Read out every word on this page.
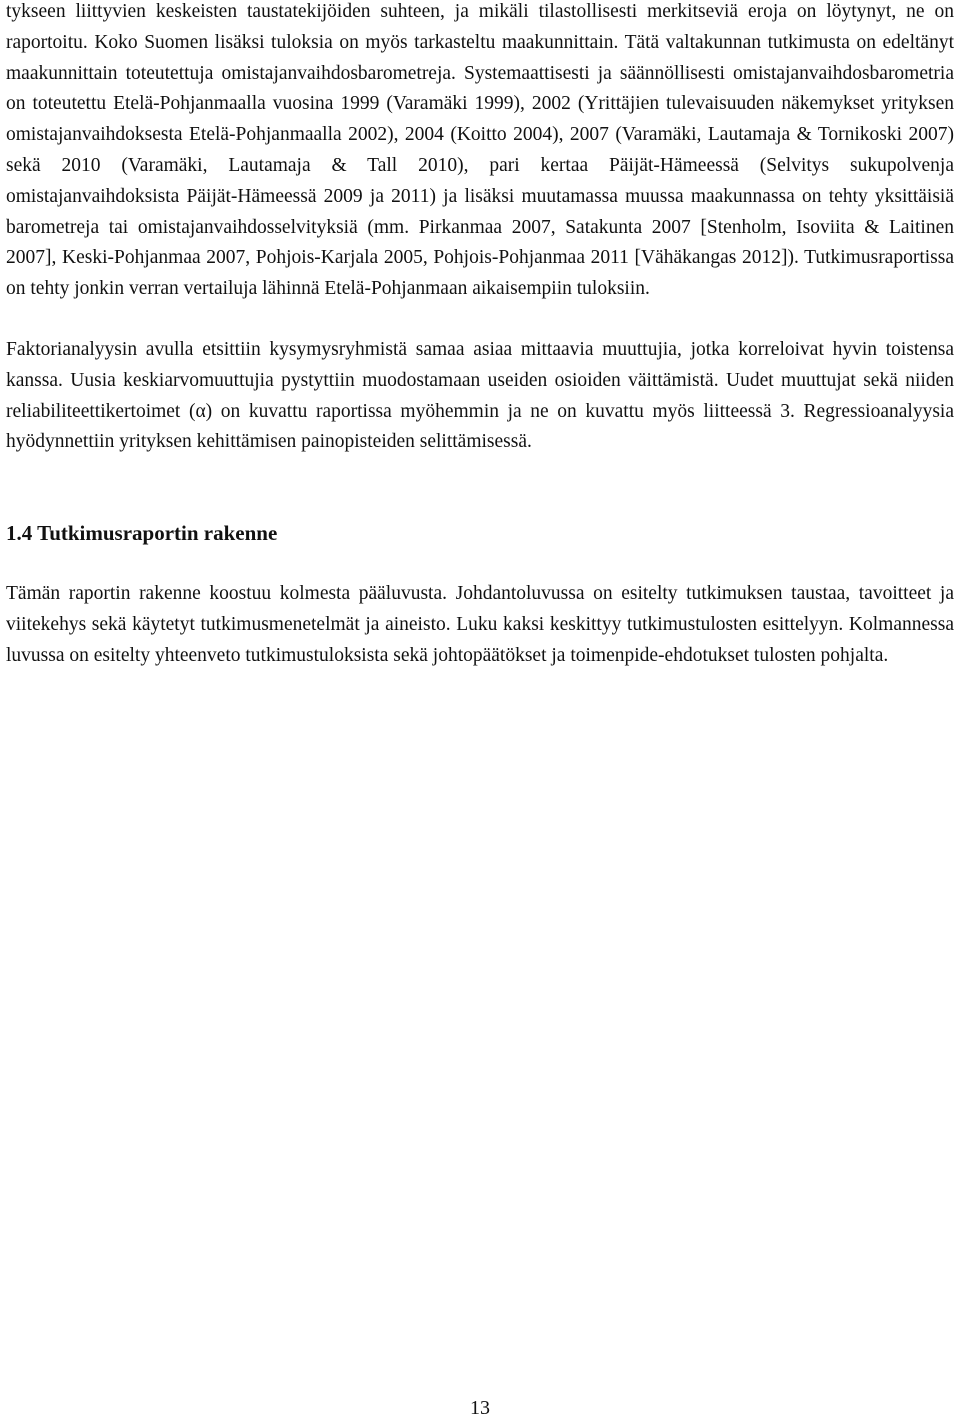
tykseen liittyvien keskeisten taustatekijöiden suhteen, ja mikäli tilastollisesti merkitseviä eroja on löytynyt, ne on raportoitu. Koko Suomen lisäksi tuloksia on myös tarkasteltu maakunnittain. Tätä valtakunnan tutkimusta on edeltänyt maakunnittain toteutettuja omistajanvaihdosbarometreja. Systemaattisesti ja säännöllisesti omistajanvaihdosbarometria on toteutettu Etelä-Pohjanmaalla vuosina 1999 (Varamäki 1999), 2002 (Yrittäjien tulevaisuuden näkemykset yrityksen omistajanvaihdoksesta Etelä-Pohjanmaalla 2002), 2004 (Koitto 2004), 2007 (Varamäki, Lautamaja & Tornikoski 2007) sekä 2010 (Varamäki, Lautamaja & Tall 2010), pari kertaa Päijät-Hämeessä (Selvitys sukupolvenja omistajanvaihdoksista Päijät-Hämeessä 2009 ja 2011) ja lisäksi muutamassa muussa maakunnassa on tehty yksittäisiä barometreja tai omistajanvaihdosselvityksiä (mm. Pirkanmaa 2007, Satakunta 2007 [Stenholm, Isoviita & Laitinen 2007], Keski-Pohjanmaa 2007, Pohjois-Karjala 2005, Pohjois-Pohjanmaa 2011 [Vähäkangas 2012]). Tutkimusraportissa on tehty jonkin verran vertailuja lähinnä Etelä-Pohjanmaan aikaisempiin tuloksiin.

Faktorianalyysin avulla etsittiin kysymysryhmistä samaa asiaa mittaavia muuttujia, jotka korreloivat hyvin toistensa kanssa. Uusia keskiarvomuuttujia pystyttiin muodostamaan useiden osioiden väittämistä. Uudet muuttujat sekä niiden reliabiliteettikertoimet (α) on kuvattu raportissa myöhemmin ja ne on kuvattu myös liitteessä 3. Regressioanalyysia hyödynnettiin yrityksen kehittämisen painopisteiden selittämisessä.

1.4 Tutkimusraportin rakenne

Tämän raportin rakenne koostuu kolmesta pääluvusta. Johdantoluvussa on esitelty tutkimuksen taustaa, tavoitteet ja viitekehys sekä käytetyt tutkimusmenetelmät ja aineisto. Luku kaksi keskittyy tutkimustulosten esittelyyn. Kolmannessa luvussa on esitelty yhteenveto tutkimustuloksista sekä johtopäätökset ja toimenpide-ehdotukset tulosten pohjalta.

13
